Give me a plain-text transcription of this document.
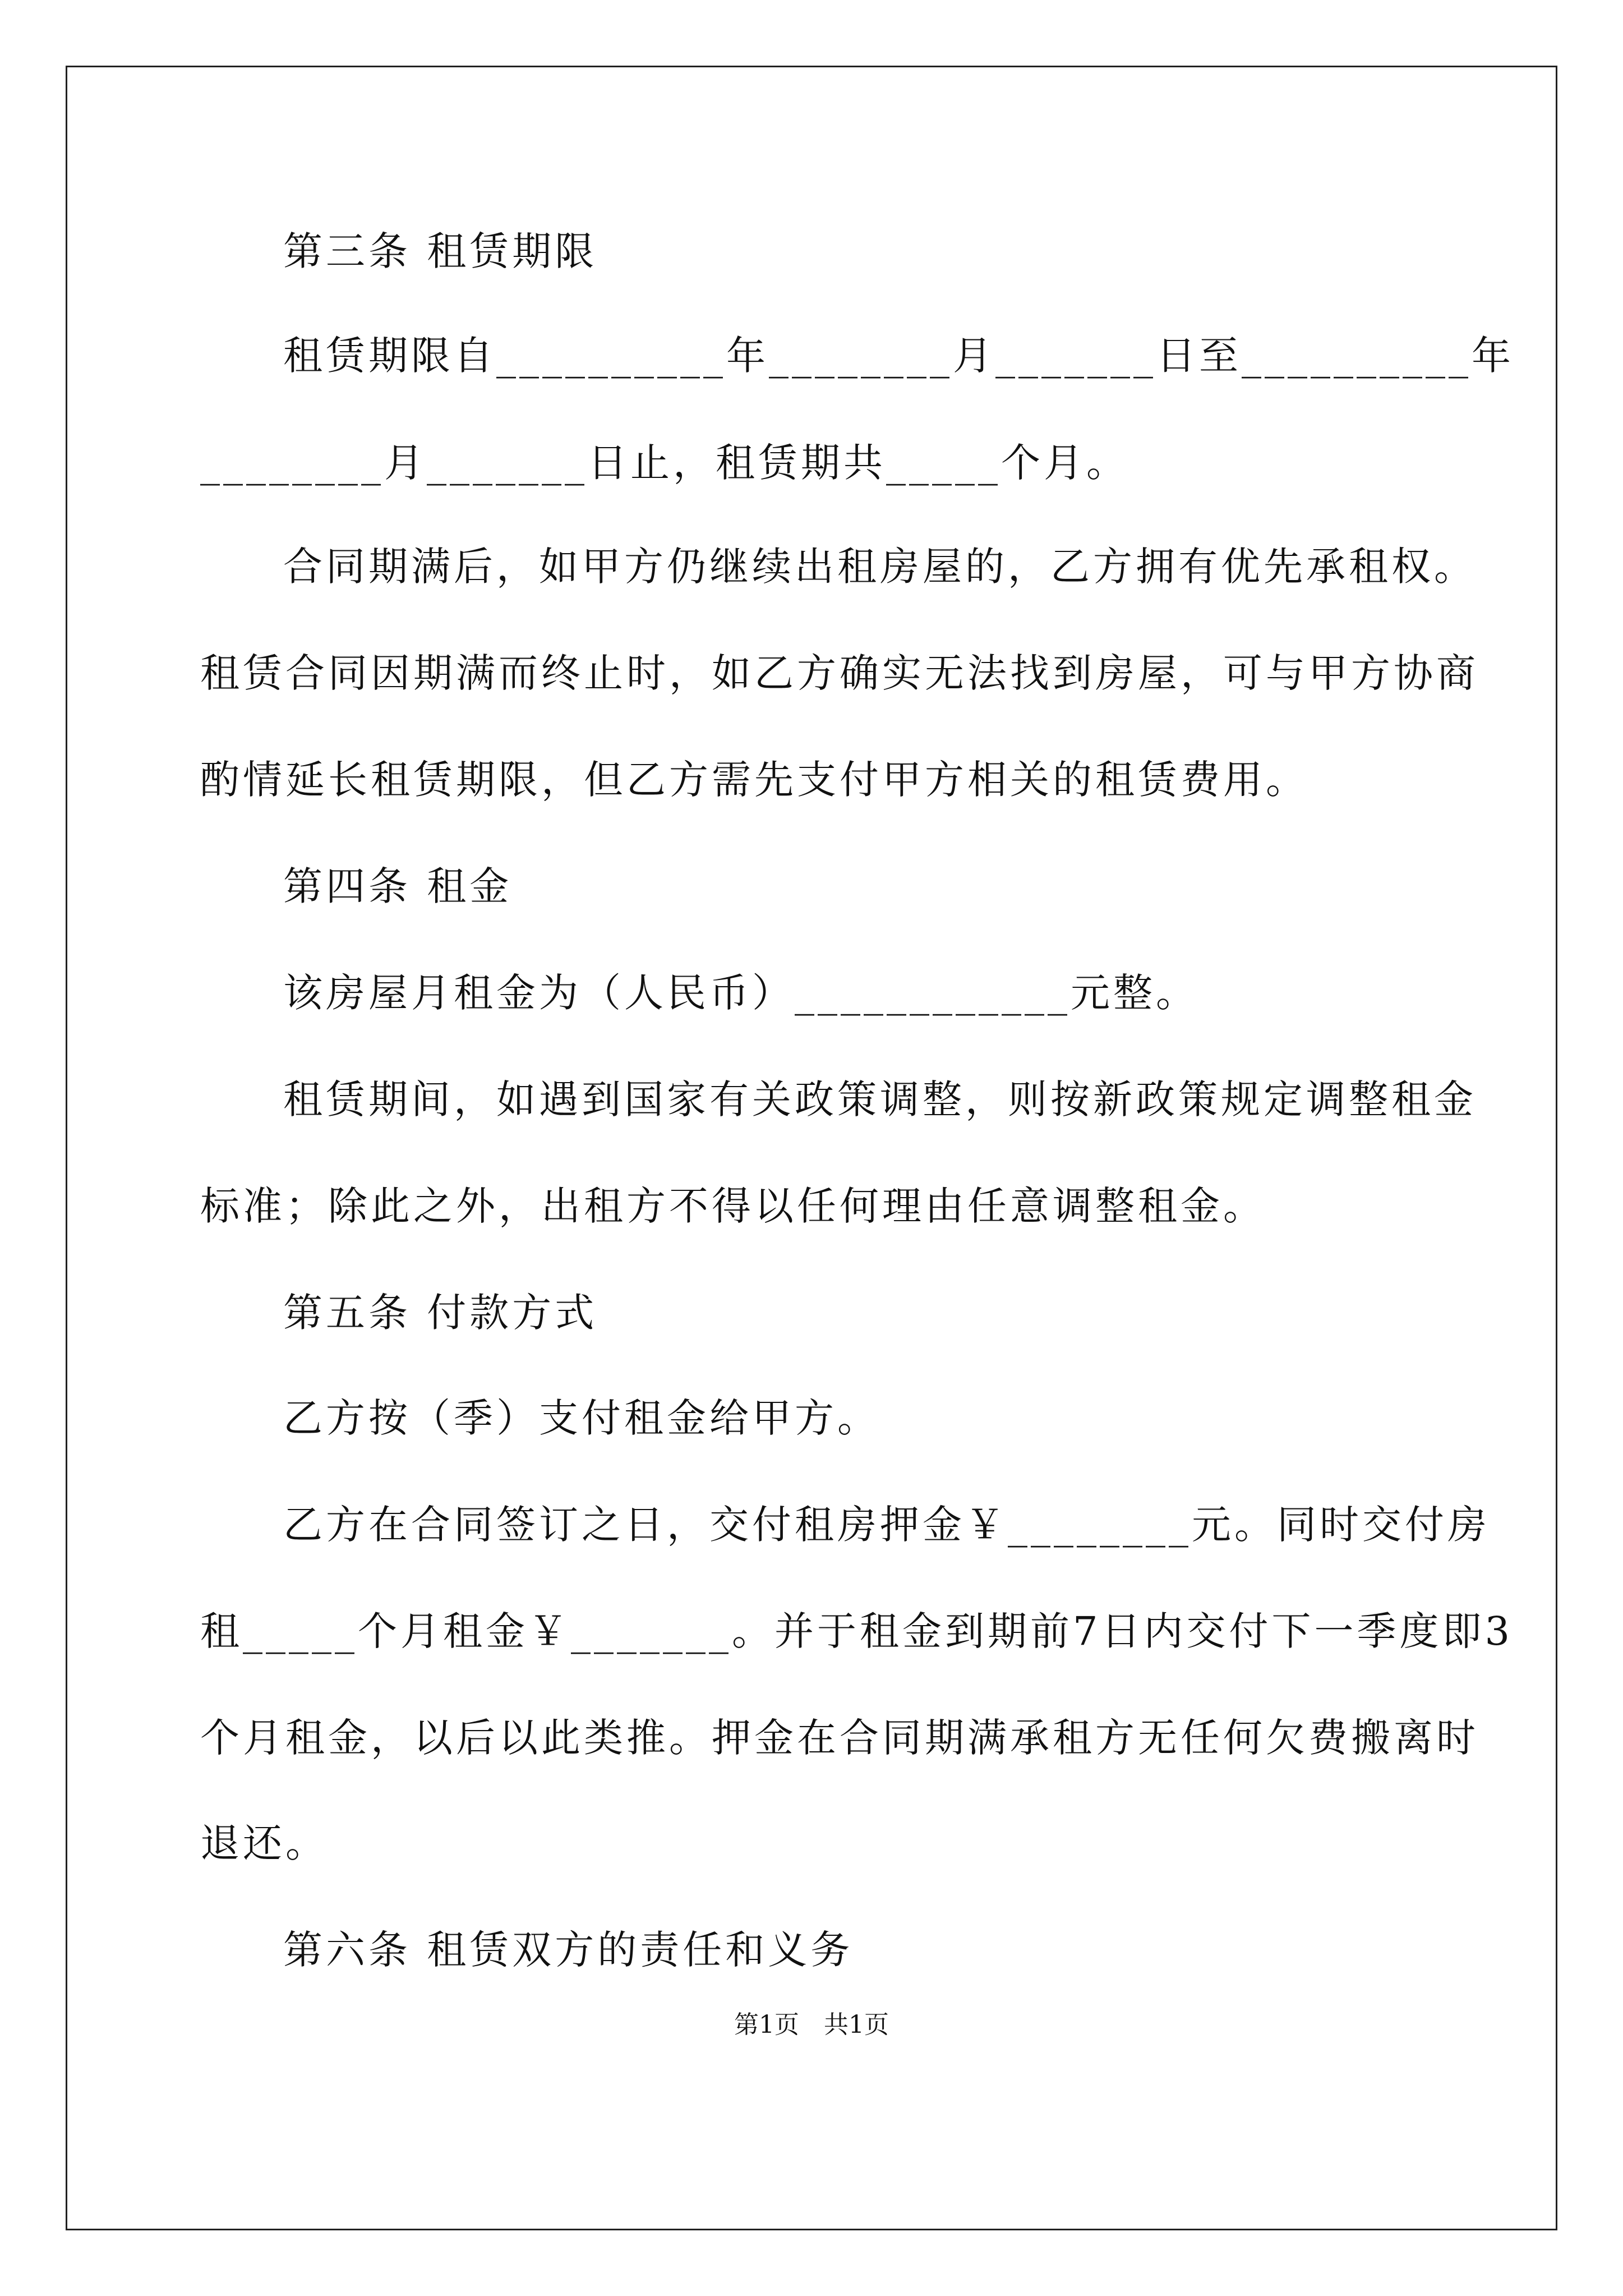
第三条 租赁期限
租赁期限自__________年________月_______日至__________年
________月_______日止，租赁期共_____个月。
合同期满后，如甲方仍继续出租房屋的，乙方拥有优先承租权。
租赁合同因期满而终止时，如乙方确实无法找到房屋，可与甲方协商
酌情延长租赁期限，但乙方需先支付甲方相关的租赁费用。
第四条 租金
该房屋月租金为（人民币）____________元整。
租赁期间，如遇到国家有关政策调整，则按新政策规定调整租金
标准；除此之外，出租方不得以任何理由任意调整租金。
第五条 付款方式
乙方按（季）支付租金给甲方。
乙方在合同签订之日，交付租房押金￥________元。同时交付房
租_____个月租金￥_______。并于租金到期前7日内交付下一季度即3
个月租金，以后以此类推。押金在合同期满承租方无任何欠费搬离时
退还。
第六条 租赁双方的责任和义务
第1页　共1页
